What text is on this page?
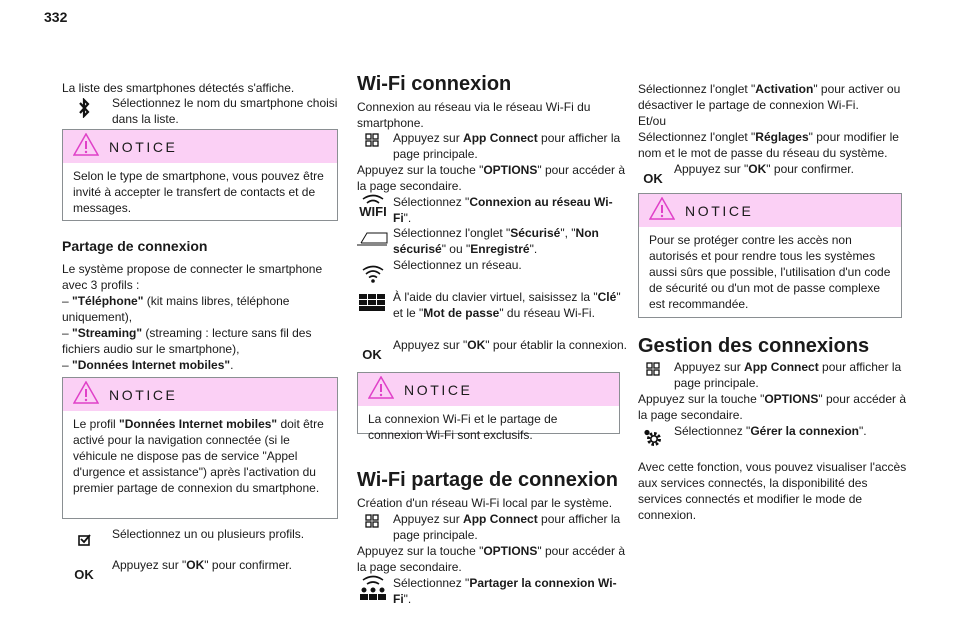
332

La liste des smartphones détectés s'affiche.

Sélectionnez le nom du smartphone choisi dans la liste.
NOTICE
Selon le type de smartphone, vous pouvez être invité à accepter le transfert de contacts et de messages.
Partage de connexion

Le système propose de connecter le smartphone avec 3 profils :
– "Téléphone" (kit mains libres, téléphone uniquement),
– "Streaming" (streaming : lecture sans fil des fichiers audio sur le smartphone),
– "Données Internet mobiles".

NOTICE
Le profil "Données Internet mobiles" doit être activé pour la navigation connectée (si le véhicule ne dispose pas de service "Appel d'urgence et assistance") après l'activation du premier partage de connexion du smartphone.
Sélectionnez un ou plusieurs profils.
OK
Appuyez sur "OK" pour confirmer.
Wi-Fi connexion

Connexion au réseau via le réseau Wi-Fi du smartphone.

Appuyez sur App Connect pour afficher la page principale.

Appuyez sur la touche "OPTIONS" pour accéder à la page secondaire.

WIFI
Sélectionnez "Connexion au réseau Wi-Fi".
Sélectionnez l'onglet "Sécurisé", "Non sécurisé" ou "Enregistré".
Sélectionnez un réseau.
À l'aide du clavier virtuel, saisissez la "Clé" et le "Mot de passe" du réseau Wi-Fi.
OK
Appuyez sur "OK" pour établir la connexion.
NOTICE
La connexion Wi-Fi et le partage de connexion Wi-Fi sont exclusifs.
Wi-Fi partage de connexion

Création d'un réseau Wi-Fi local par le système.

Appuyez sur App Connect pour afficher la page principale.

Appuyez sur la touche "OPTIONS" pour accéder à la page secondaire.

Sélectionnez "Partager la connexion Wi-Fi".

Sélectionnez l'onglet "Activation" pour activer ou désactiver le partage de connexion Wi-Fi.
Et/ou
Sélectionnez l'onglet "Réglages" pour modifier le nom et le mot de passe du réseau du système.

OK
Appuyez sur "OK" pour confirmer.
NOTICE
Pour se protéger contre les accès non autorisés et pour rendre tous les systèmes aussi sûrs que possible, l'utilisation d'un code de sécurité ou d'un mot de passe complexe est recommandée.
Gestion des connexions
Appuyez sur App Connect pour afficher la page principale.

Appuyez sur la touche "OPTIONS" pour accéder à la page secondaire.

Sélectionnez "Gérer la connexion".

Avec cette fonction, vous pouvez visualiser l'accès aux services connectés, la disponibilité des services connectés et modifier le mode de connexion.
